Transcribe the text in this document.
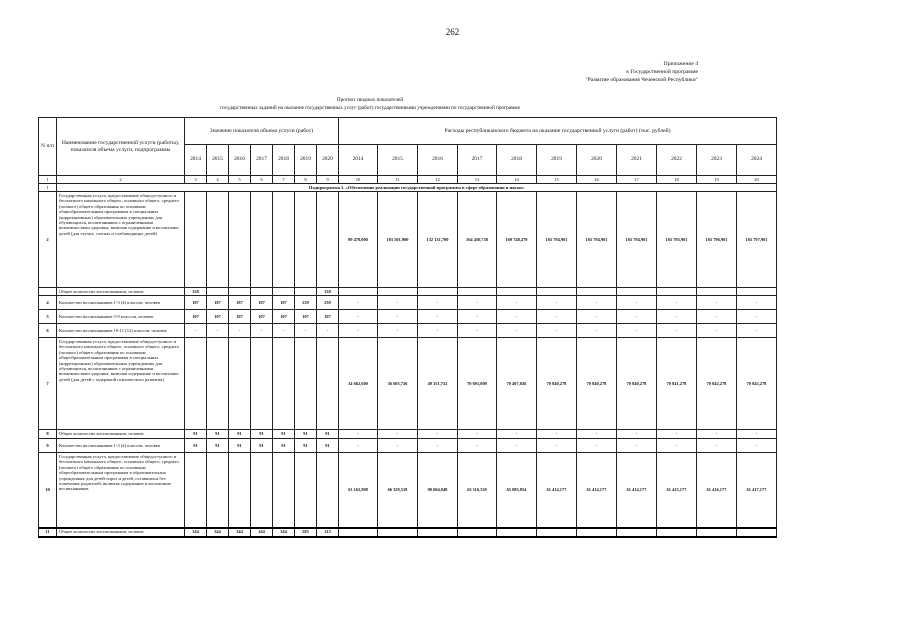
262
Приложение 4
к Государственной программе
"Развитие образования Чеченской Республики"
Прогноз сводных показателей
государственных заданий на оказание государственных услуг (работ) государственными учреждениями по государственной программе
N п/п	Наименование государственной услуги (работы), показателя объема услуги, подпрограммы	Значение показателя объема услуги (работ)							Расходы республиканского бюджета на оказание государственной услуги (работ) (тыс. рублей)										
		2014	2015	2016	2017	2018	2019	2020	2014	2015	2016	2017	2018	2019	2020	2021	2022	2023	2024
1	2	3	4	5	6	7	8	9	10	11	12	13	14	15	16	17	18	19	20
1	Подпрограмма 1. «Обеспечение реализации государственной программы в сфере образования и науки»																		
2	Государственная услуга, предоставление общедоступного и бесплатного начального общего, основного общего, среднего (полного) общего образования по основным общеобразовательным программам в специальных (коррекционных) образовательных учреждениях для обучающихся, воспитанников с ограниченными возможностями здоровья, включая содержание и воспитание детей (для глухих, слепых и слабовидящих детей)								99 478,000	103 501,900	132 131,700	164 450,738	169 748,479	165 794,901	165 794,901	165 794,901	165 795,901	165 796,901	165 797,901
	Общее количество воспитанников, человек	330						330											
4	Количество воспитанников 1-3 (4) классов, человек	187	187	187	187	187	239	239	-	-	-	-	-	-	-	-	-	-	-
5	Количество воспитанников 5-9 классов, человек	107	107	107	107	107	107	107	-	-	-	-	-	-	-	-	-	-	-
6	Количество воспитанников 10-11 (12) классов, человек	-	-	-	-	-	-	-	-	-	-	-	-	-	-	-	-	-	-
7	Государственная услуга, предоставление общедоступного и бесплатного начального общего, основного общего, среднего (полного) общего образования по основным общеобразовательным программам в специальных (коррекционных) образовательных учреждениях для обучающихся, воспитанников с ограниченными возможностями здоровья, включая содержание и воспитание детей (для детей с задержкой психического развития)								34 662,600	36 605,736	49 351,752	70 691,009	70 407,026	70 840,278	70 840,278	70 840,278	70 841,278	70 842,278	70 843,278
8	Общее количество воспитанников, человек	91	91	91	91	91	91	91	-	-	-	-	-	-	-	-	-	-	-
9	Количество воспитанников 1-3 (4) классов, человек	91	91	91	91	91	91	91	-	-	-	-	-	-	-	-	-	-	-
10	Государственная услуга, предоставление общедоступного и бесплатного начального общего, основного общего, среднего (полного) общего образования по основным общеобразовательным программам в образовательных учреждениях для детей-сирот и детей, оставшихся без попечения родителей, включая содержание и воспитание воспитанников								63 162,998	66 329,518	90 604,048	63 116,330	65 085,854	61 414,177	61 414,177	61 414,177	61 415,177	61 416,177	61 417,177
11	Общее количество воспитанников, человек	344	344	344	344	344	285	313											
